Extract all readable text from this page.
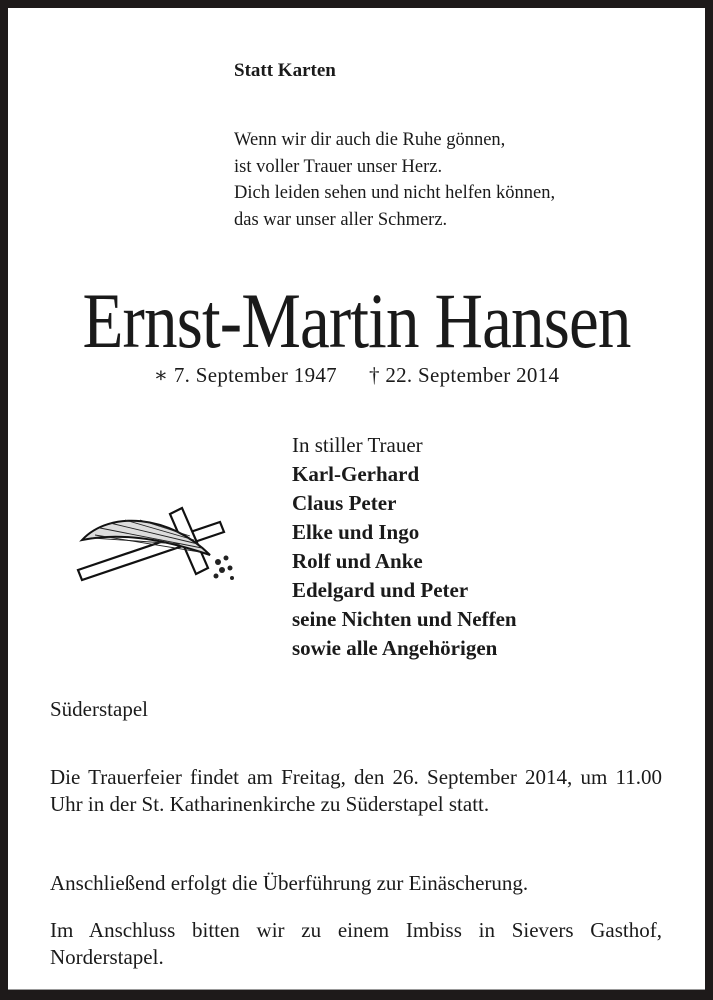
Statt Karten
Wenn wir dir auch die Ruhe gönnen,
ist voller Trauer unser Herz.
Dich leiden sehen und nicht helfen können,
das war unser aller Schmerz.
Ernst-Martin Hansen
∗ 7. September 1947 † 22. September 2014
In stiller Trauer
Karl-Gerhard
Claus Peter
Elke und Ingo
Rolf und Anke
Edelgard und Peter
seine Nichten und Neffen
sowie alle Angehörigen
Süderstapel

Die Trauerfeier findet am Freitag, den 26. September 2014, um 11.00 Uhr in der St. Katharinenkirche zu Süderstapel statt.

Anschließend erfolgt die Überführung zur Einäscherung.

Im Anschluss bitten wir zu einem Imbiss in Sievers Gasthof, Norderstapel.
